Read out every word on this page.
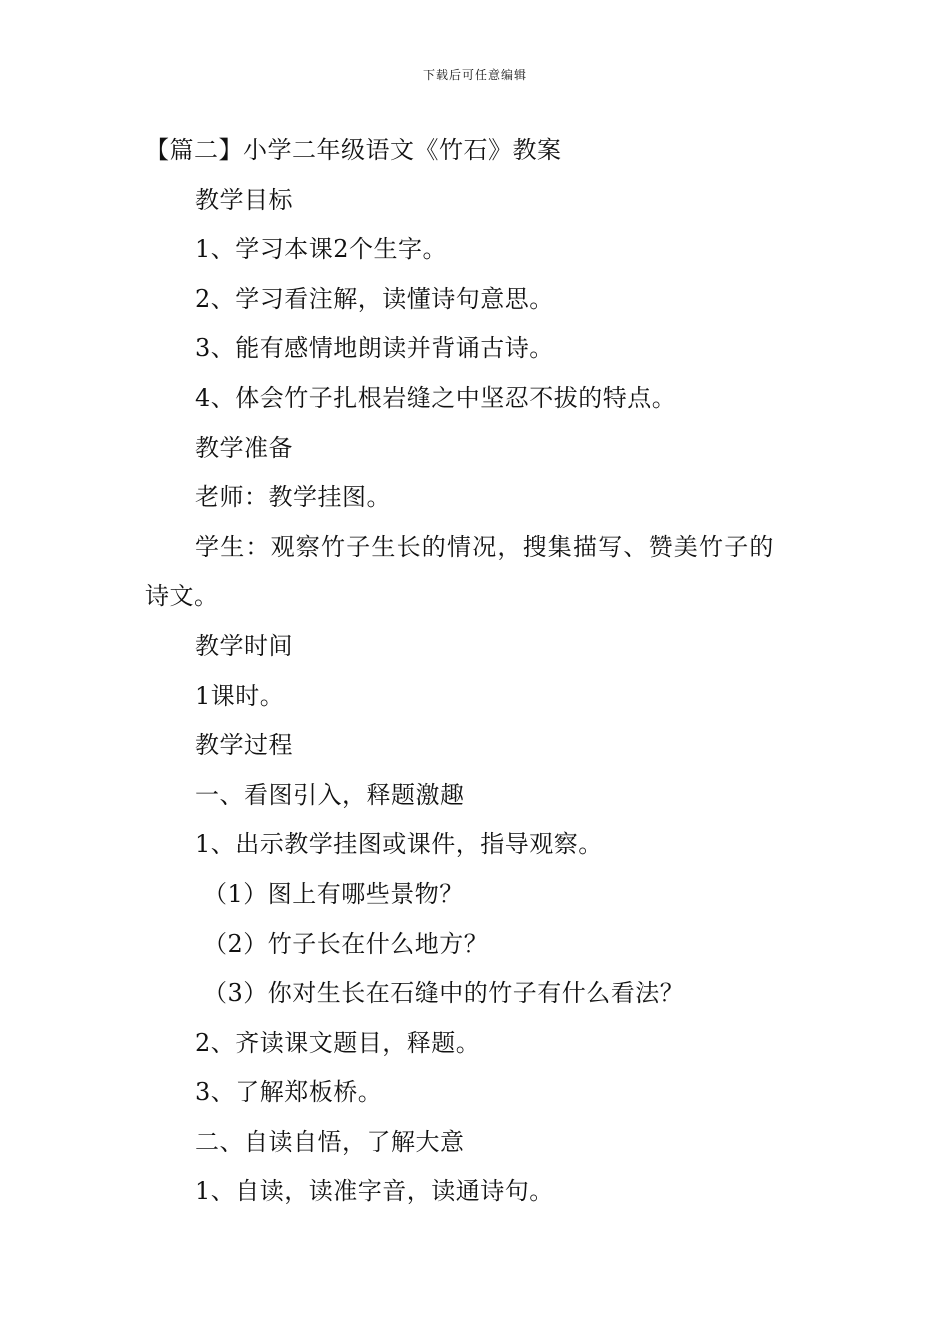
下载后可任意编辑
【篇二】小学二年级语文《竹石》教案
教学目标
1、学习本课2个生字。
2、学习看注解，读懂诗句意思。
3、能有感情地朗读并背诵古诗。
4、体会竹子扎根岩缝之中坚忍不拔的特点。
教学准备
老师：教学挂图。
学生：观察竹子生长的情况，搜集描写、赞美竹子的
诗文。
教学时间
1课时。
教学过程
一、看图引入，释题激趣
1、出示教学挂图或课件，指导观察。
（1）图上有哪些景物？
（2）竹子长在什么地方？
（3）你对生长在石缝中的竹子有什么看法？
2、齐读课文题目，释题。
3、了解郑板桥。
二、自读自悟，了解大意
1、自读，读准字音，读通诗句。
